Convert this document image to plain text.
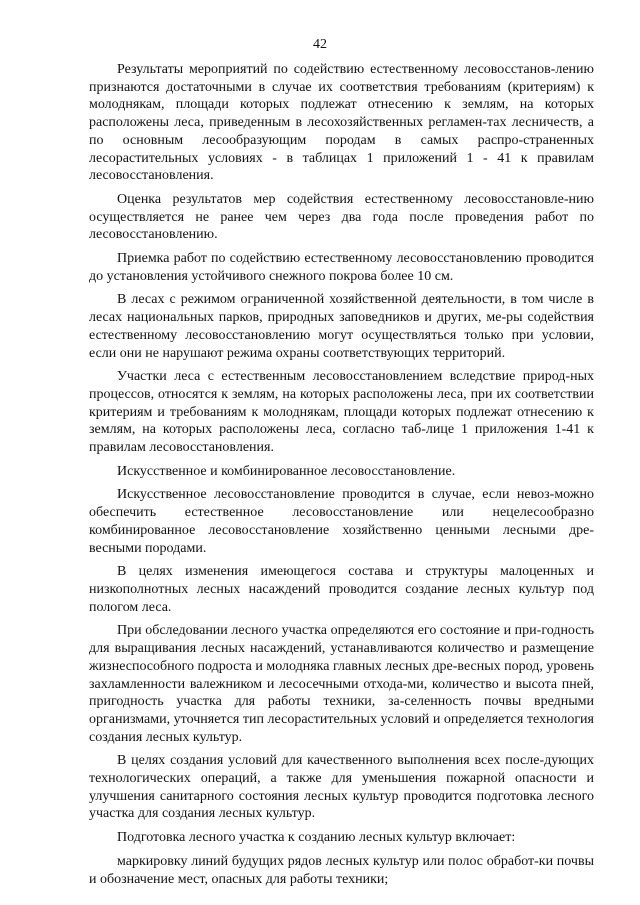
42

Результаты мероприятий по содействию естественному лесовосстанов-лению признаются достаточными в случае их соответствия требованиям (критериям) к молоднякам, площади которых подлежат отнесению к землям, на которых расположены леса, приведенным в лесохозяйственных регламен-тах лесничеств, а по основным лесообразующим породам в самых распро-страненных лесорастительных условиях - в таблицах 1 приложений 1 - 41 к правилам лесовосстановления.

Оценка результатов мер содействия естественному лесовосстановле-нию осуществляется не ранее чем через два года после проведения работ по лесовосстановлению.

Приемка работ по содействию естественному лесовосстановлению проводится до установления устойчивого снежного покрова более 10 см.

В лесах с режимом ограниченной хозяйственной деятельности, в том числе в лесах национальных парков, природных заповедников и других, ме-ры содействия естественному лесовосстановлению могут осуществляться только при условии, если они не нарушают режима охраны соответствующих территорий.

Участки леса с естественным лесовосстановлением вследствие природ-ных процессов, относятся к землям, на которых расположены леса, при их соответствии критериям и требованиям к молоднякам, площади которых подлежат отнесению к землям, на которых расположены леса, согласно таб-лице 1 приложения 1-41 к правилам лесовосстановления.

Искусственное и комбинированное лесовосстановление.

Искусственное лесовосстановление проводится в случае, если невоз-можно обеспечить естественное лесовосстановление или нецелесообразно комбинированное лесовосстановление хозяйственно ценными лесными дре-весными породами.

В целях изменения имеющегося состава и структуры малоценных и низкополнотных лесных насаждений проводится создание лесных культур под пологом леса.

При обследовании лесного участка определяются его состояние и при-годность для выращивания лесных насаждений, устанавливаются количество и размещение жизнеспособного подроста и молодняка главных лесных дре-весных пород, уровень захламленности валежником и лесосечными отхода-ми, количество и высота пней, пригодность участка для работы техники, за-селенность почвы вредными организмами, уточняется тип лесорастительных условий и определяется технология создания лесных культур.

В целях создания условий для качественного выполнения всех после-дующих технологических операций, а также для уменьшения пожарной опасности и улучшения санитарного состояния лесных культур проводится подготовка лесного участка для создания лесных культур.

Подготовка лесного участка к созданию лесных культур включает:

маркировку линий будущих рядов лесных культур или полос обработ-ки почвы и обозначение мест, опасных для работы техники;
